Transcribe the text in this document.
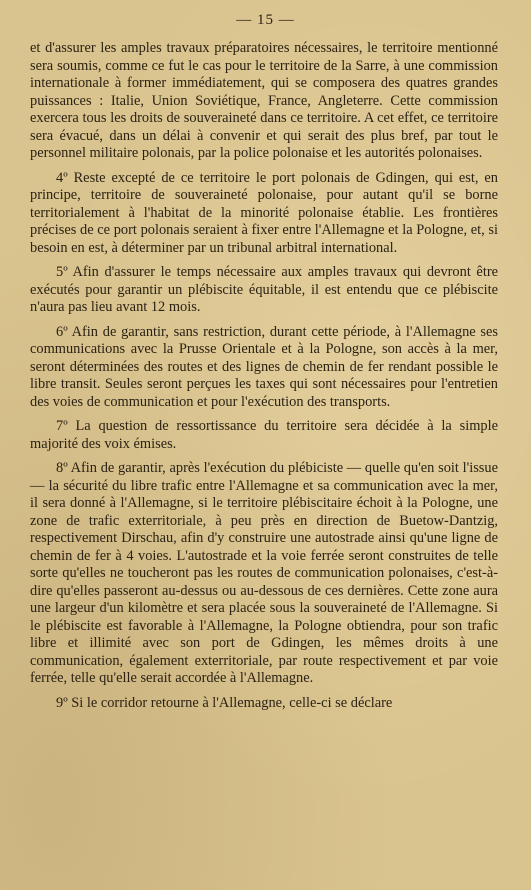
— 15 —

et d'assurer les amples travaux préparatoires nécessaires, le territoire mentionné sera soumis, comme ce fut le cas pour le territoire de la Sarre, à une commission internationale à former immédiatement, qui se composera des quatres grandes puissances : Italie, Union Soviétique, France, Angleterre. Cette commission exercera tous les droits de souveraineté dans ce territoire. A cet effet, ce territoire sera évacué, dans un délai à convenir et qui serait des plus bref, par tout le personnel militaire polonais, par la police polonaise et les autorités polonaises.

4º Reste excepté de ce territoire le port polonais de Gdingen, qui est, en principe, territoire de souveraineté polonaise, pour autant qu'il se borne territorialement à l'habitat de la minorité polonaise établie. Les frontières précises de ce port polonais seraient à fixer entre l'Allemagne et la Pologne, et, si besoin en est, à déterminer par un tribunal arbitral international.

5º Afin d'assurer le temps nécessaire aux amples travaux qui devront être exécutés pour garantir un plébiscite équitable, il est entendu que ce plébiscite n'aura pas lieu avant 12 mois.

6º Afin de garantir, sans restriction, durant cette période, à l'Allemagne ses communications avec la Prusse Orientale et à la Pologne, son accès à la mer, seront déterminées des routes et des lignes de chemin de fer rendant possible le libre transit. Seules seront perçues les taxes qui sont nécessaires pour l'entretien des voies de communication et pour l'exécution des transports.

7º La question de ressortissance du territoire sera décidée à la simple majorité des voix émises.

8º Afin de garantir, après l'exécution du plébiciste — quelle qu'en soit l'issue — la sécurité du libre trafic entre l'Allemagne et sa communication avec la mer, il sera donné à l'Allemagne, si le territoire plébiscitaire échoit à la Pologne, une zone de trafic exterritoriale, à peu près en direction de Buetow-Dantzig, respectivement Dirschau, afin d'y construire une autostrade ainsi qu'une ligne de chemin de fer à 4 voies. L'autostrade et la voie ferrée seront construites de telle sorte qu'elles ne toucheront pas les routes de communication polonaises, c'est-à-dire qu'elles passeront au-dessus ou au-dessous de ces dernières. Cette zone aura une largeur d'un kilomètre et sera placée sous la souveraineté de l'Allemagne. Si le plébiscite est favorable à l'Allemagne, la Pologne obtiendra, pour son trafic libre et illimité avec son port de Gdingen, les mêmes droits à une communication, également exterritoriale, par route respectivement et par voie ferrée, telle qu'elle serait accordée à l'Allemagne.

9º Si le corridor retourne à l'Allemagne, celle-ci se déclare
